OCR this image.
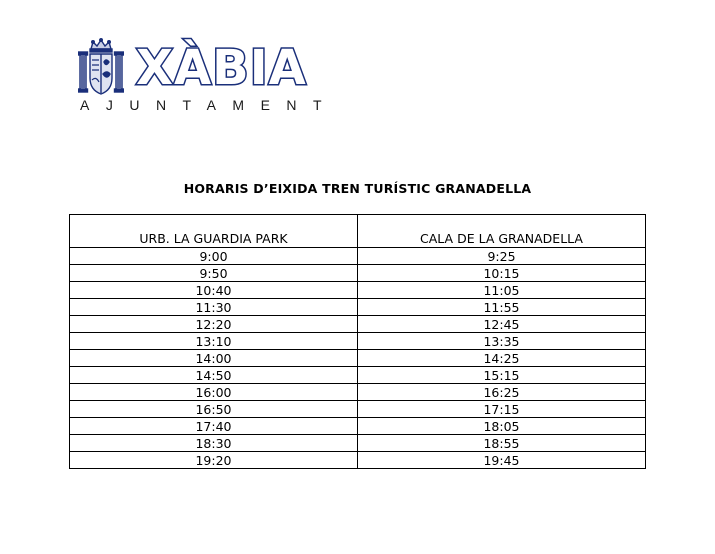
XÀBIA
AJUNTAMENT
HORARIS D’EIXIDA TREN TURÍSTIC GRANADELLA
URB. LA GUARDIA PARK	CALA DE LA GRANADELLA
9:00	9:25
9:50	10:15
10:40	11:05
11:30	11:55
12:20	12:45
13:10	13:35
14:00	14:25
14:50	15:15
16:00	16:25
16:50	17:15
17:40	18:05
18:30	18:55
19:20	19:45
